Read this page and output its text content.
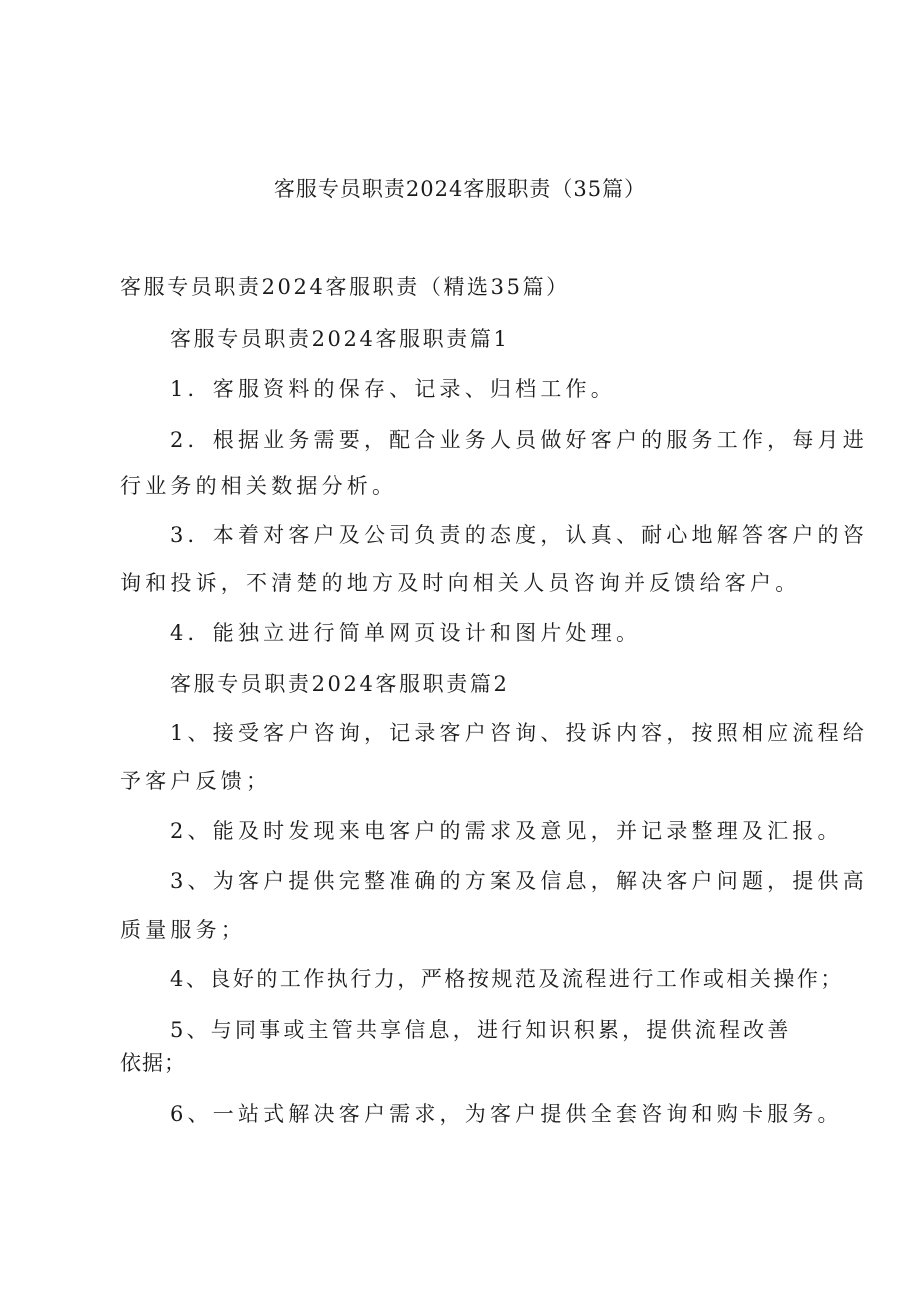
客服专员职责2024客服职责（35篇）
客服专员职责2024客服职责（精选35篇）
客服专员职责2024客服职责篇1
1．客服资料的保存、记录、归档工作。
2．根据业务需要，配合业务人员做好客户的服务工作，每月进
行业务的相关数据分析。
3．本着对客户及公司负责的态度，认真、耐心地解答客户的咨
询和投诉，不清楚的地方及时向相关人员咨询并反馈给客户。
4．能独立进行简单网页设计和图片处理。
客服专员职责2024客服职责篇2
1、接受客户咨询，记录客户咨询、投诉内容，按照相应流程给
予客户反馈；
2、能及时发现来电客户的需求及意见，并记录整理及汇报。
3、为客户提供完整准确的方案及信息，解决客户问题，提供高
质量服务；
4、良好的工作执行力，严格按规范及流程进行工作或相关操作；
5、与同事或主管共享信息，进行知识积累，提供流程改善
依据；
6、一站式解决客户需求，为客户提供全套咨询和购卡服务。
